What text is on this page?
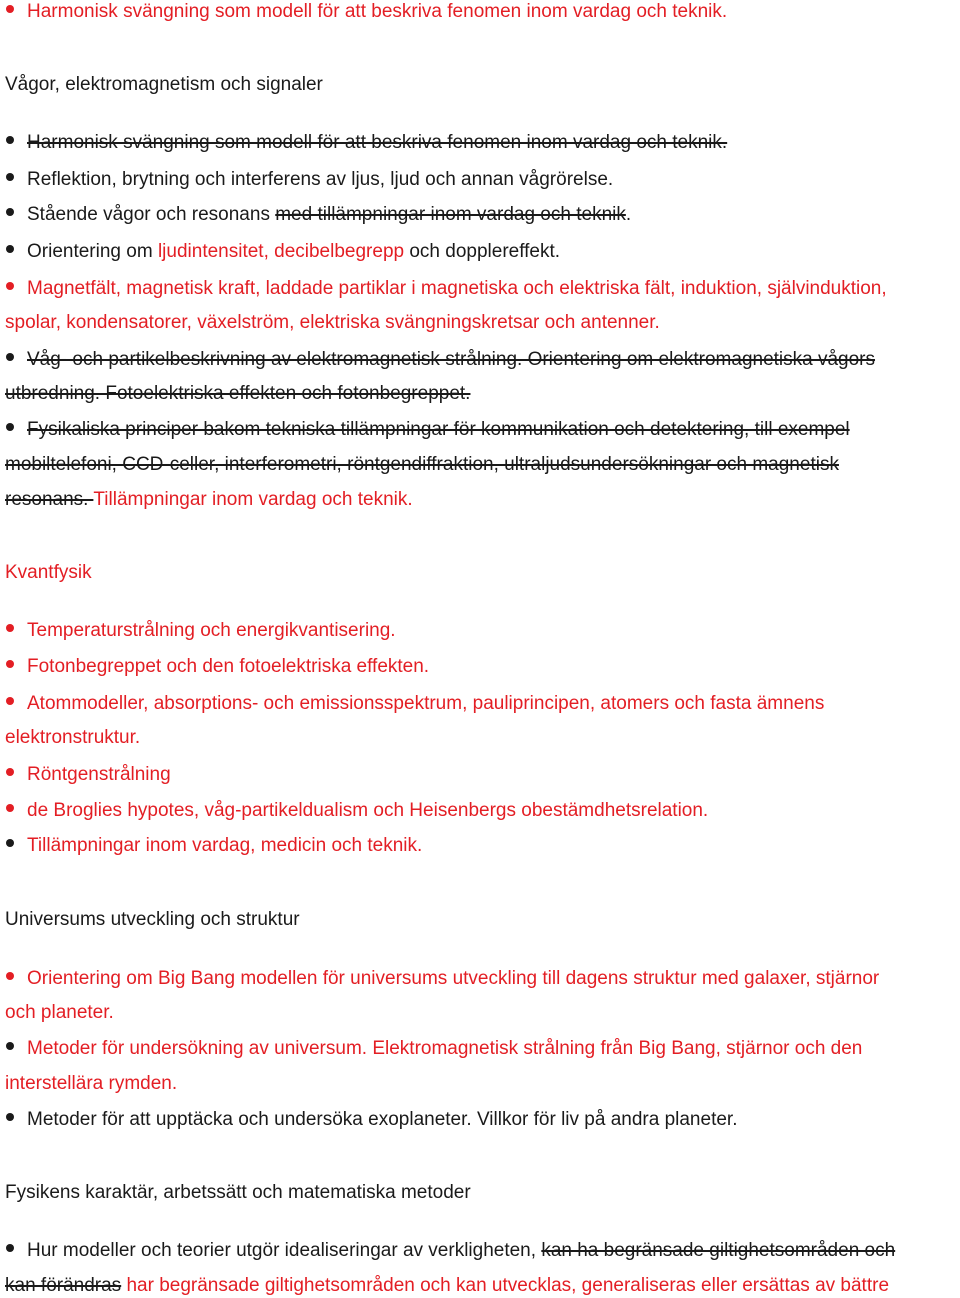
Harmonisk svängning som modell för att beskriva fenomen inom vardag och teknik.
Vågor, elektromagnetism och signaler
Harmonisk svängning som modell för att beskriva fenomen inom vardag och teknik.
Reflektion, brytning och interferens av ljus, ljud och annan vågrörelse.
Stående vågor och resonans med tillämpningar inom vardag och teknik.
Orientering om ljudintensitet, decibelbegrepp och dopplereffekt.
Magnetfält, magnetisk kraft, laddade partiklar i magnetiska och elektriska fält, induktion, självinduktion,
spolar, kondensatorer, växelström, elektriska svängningskretsar och antenner.
Våg- och partikelbeskrivning av elektromagnetisk strålning. Orientering om elektromagnetiska vågors
utbredning. Fotoelektriska effekten och fotonbegreppet.
Fysikaliska principer bakom tekniska tillämpningar för kommunikation och detektering, till exempel
mobiltelefoni, CCD-celler, interferometri, röntgendiffraktion, ultraljudsundersökningar och magnetisk
resonans. Tillämpningar inom vardag och teknik.
Kvantfysik
Temperaturstrålning och energikvantisering.
Fotonbegreppet och den fotoelektriska effekten.
Atommodeller, absorptions- och emissionsspektrum, pauliprincipen, atomers och fasta ämnens
elektronstruktur.
Röntgenstrålning
de Broglies hypotes, våg-partikeldualism och Heisenbergs obestämdhetsrelation.
Tillämpningar inom vardag, medicin och teknik.
Universums utveckling och struktur
Orientering om Big Bang modellen för universums utveckling till dagens struktur med galaxer, stjärnor
och planeter.
Metoder för undersökning av universum. Elektromagnetisk strålning från Big Bang, stjärnor och den
interstellära rymden.
Metoder för att upptäcka och undersöka exoplaneter. Villkor för liv på andra planeter.
Fysikens karaktär, arbetssätt och matematiska metoder
Hur modeller och teorier utgör idealiseringar av verkligheten, kan ha begränsade giltighetsområden och
kan förändras har begränsade giltighetsområden och kan utvecklas, generaliseras eller ersättas av bättre
